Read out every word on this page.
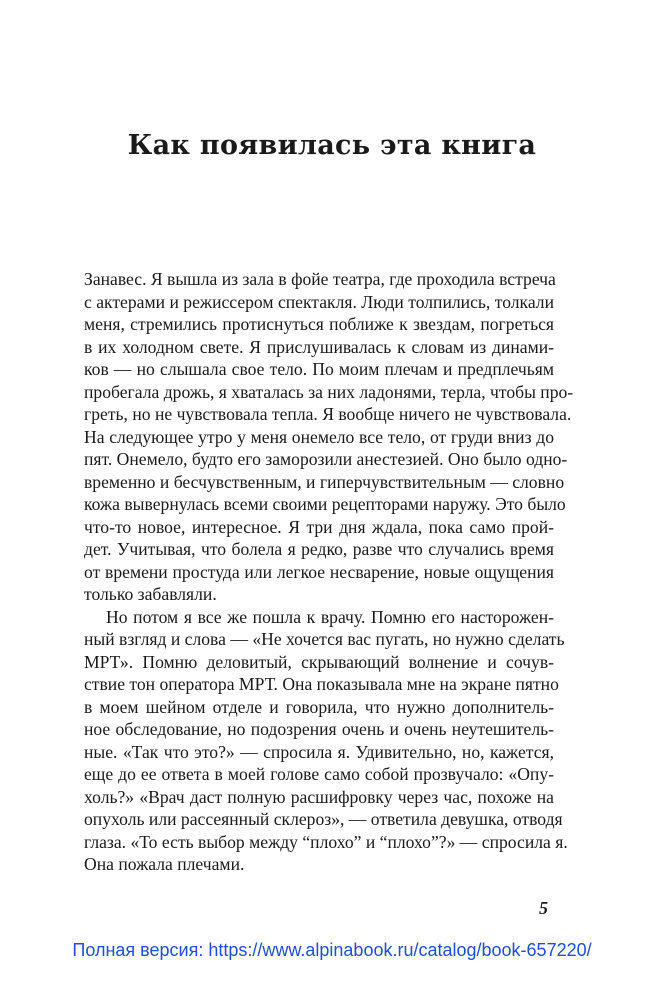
Как появилась эта книга

Занавес. Я вышла из зала в фойе театра, где проходила встреча
с актерами и режиссером спектакля. Люди толпились, толкали
меня, стремились протиснуться поближе к звездам, погреться
в их холодном свете. Я прислушивалась к словам из динами-
ков — но слышала свое тело. По моим плечам и предплечьям
пробегала дрожь, я хваталась за них ладонями, терла, чтобы про-
греть, но не чувствовала тепла. Я вообще ничего не чувствовала.
На следующее утро у меня онемело все тело, от груди вниз до
пят. Онемело, будто его заморозили анестезией. Оно было одно-
временно и бесчувственным, и гиперчувствительным — словно
кожа вывернулась всеми своими рецепторами наружу. Это было
что-то новое, интересное. Я три дня ждала, пока само прой-
дет. Учитывая, что болела я редко, разве что случались время
от времени простуда или легкое несварение, новые ощущения
только забавляли.

Но потом я все же пошла к врачу. Помню его насторожен-
ный взгляд и слова — «Не хочется вас пугать, но нужно сделать
МРТ». Помню деловитый, скрывающий волнение и сочув-
ствие тон оператора МРТ. Она показывала мне на экране пятно
в моем шейном отделе и говорила, что нужно дополнитель-
ное обследование, но подозрения очень и очень неутешитель-
ные. «Так что это?» — спросила я. Удивительно, но, кажется,
еще до ее ответа в моей голове само собой прозвучало: «Опу-
холь?» «Врач даст полную расшифровку через час, похоже на
опухоль или рассеянный склероз», — ответила девушка, отводя
глаза. «То есть выбор между “плохо” и “плохо”?» — спросила я.
Она пожала плечами.

5
Полная версия: https://www.alpinabook.ru/catalog/book-657220/
